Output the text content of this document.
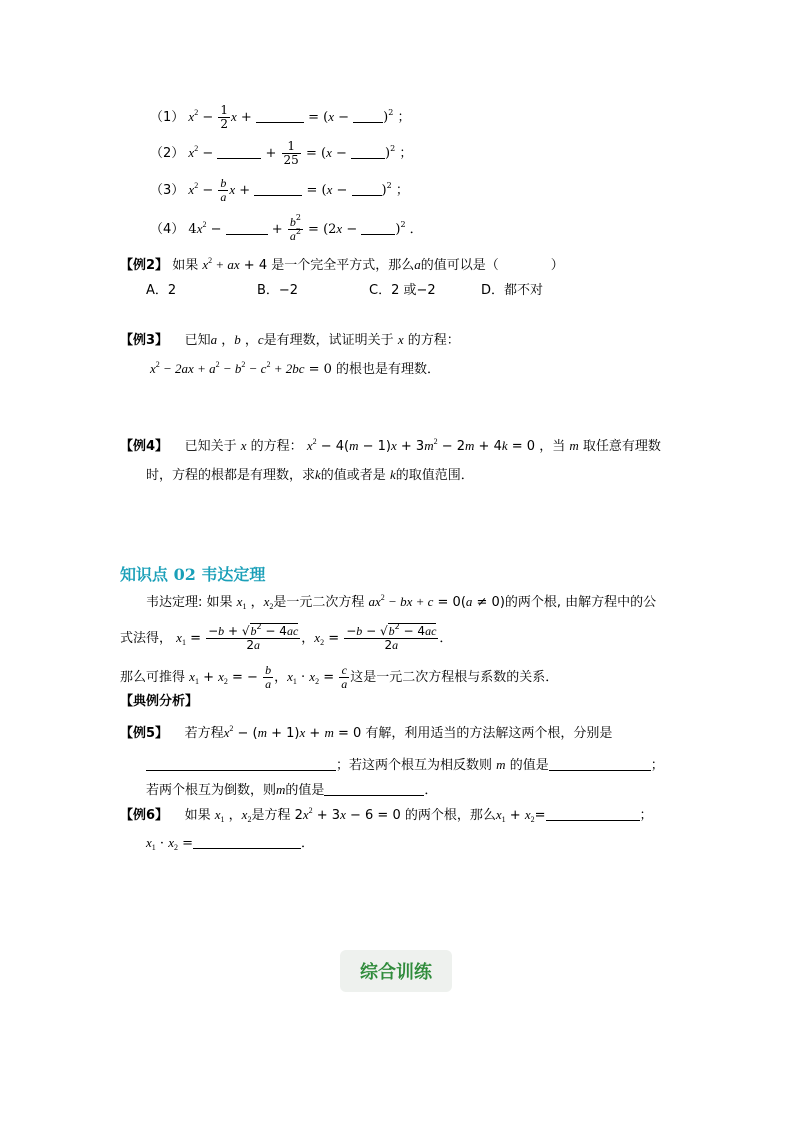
（1） $x^2 - \frac{1}{2}$ x +	= $(x - )^2$ ；
（2） $x^2$ −	+ $\frac{1}{25} = (x$ −	)$^2$ ；
（3） $x^2 - \frac{b}{a}$ x +	= $(x - )^2$ ；
（4） $4x^2$ −	+ $\frac{b^2}{a^2} = (2x$ −	)$^2$ ．
【例2】 如果 $x^2$ + ax + 4 是一个完全平方式，那么a的值可以是（	）
A．2	B．−2	C．2 或−2	D．都不对
【例3】 已知a ，b ，c是有理数，试证明关于 x 的方程：
$x^2 - 2ax + a^2 - b^2 - c^2 + 2bc = 0$ 的根也是有理数．
【例4】 已知关于 x 的方程： $x^2 - 4(m - 1)x + 3m^2 - 2m + 4k = 0$ ，当 m 取任意有理数
时，方程的根都是有理数，求k的值或者是 k的取值范围．
知识点 02 韦达定理
韦达定理: 如果 $x_1$ ，$x_2$是一元二次方程 $ax^2$ − bx + c = 0(a ≠ 0)的两个根, 由解方程中的公
式法得， $x_1 = \frac{-b + √b^2 - 4ac}{2a}$ ，$x_2 = \frac{-b - √b^2 - 4ac}{2a}$ ．
那么可推得 $x_1 + x_2$ = − $\frac{b}{a}$ ，$x_1 \cdot x_2 = \frac{c}{a}$ 这是一元二次方程根与系数的关系．
【典例分析】
【例5】 若方程$x^2 - (m + 1)x + m = 0$ 有解，利用适当的方法解这两个根，分别是
；若这两个根互为相反数则 m 的值是	；
若两个根互为倒数，则m的值是	．
【例6】 如果 $x_1$ ，$x_2$是方程 $2x^2 + 3x - 6 = 0$ 的两个根，那么$x_1 + x_2=$	；
$x_1 \cdot x_2$ =	．
综合训练
